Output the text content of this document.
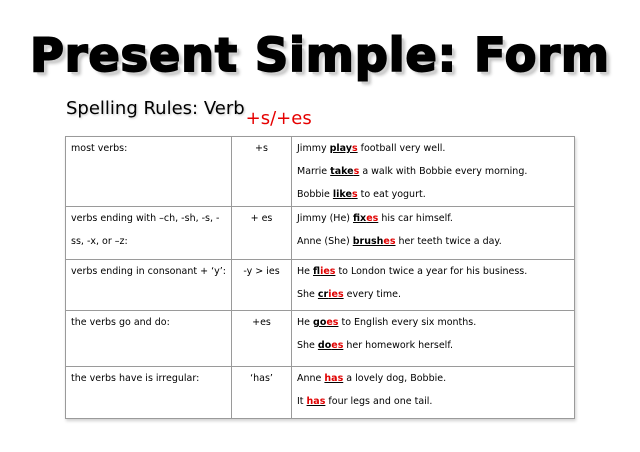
Present Simple: Form
Spelling Rules: Verb+s/+es
most verbs:	+s	Jimmy plays football very well.
Marrie takes a walk with Bobbie every morning.
Bobbie likes to eat yogurt.

verbs ending with –ch, -sh, -s, -ss, -x, or –z:	+ es	Jimmy (He) fixes his car himself.
Anne (She) brushes her teeth twice a day.

verbs ending in consonant + ‘y’:	-y > ies	He flies to London twice a year for his business.
She cries every time.

the verbs go and do:	+es	He goes to English every six months.
She does her homework herself.

the verbs have is irregular:	‘has’	Anne has a lovely dog, Bobbie.
It has four legs and one tail.
